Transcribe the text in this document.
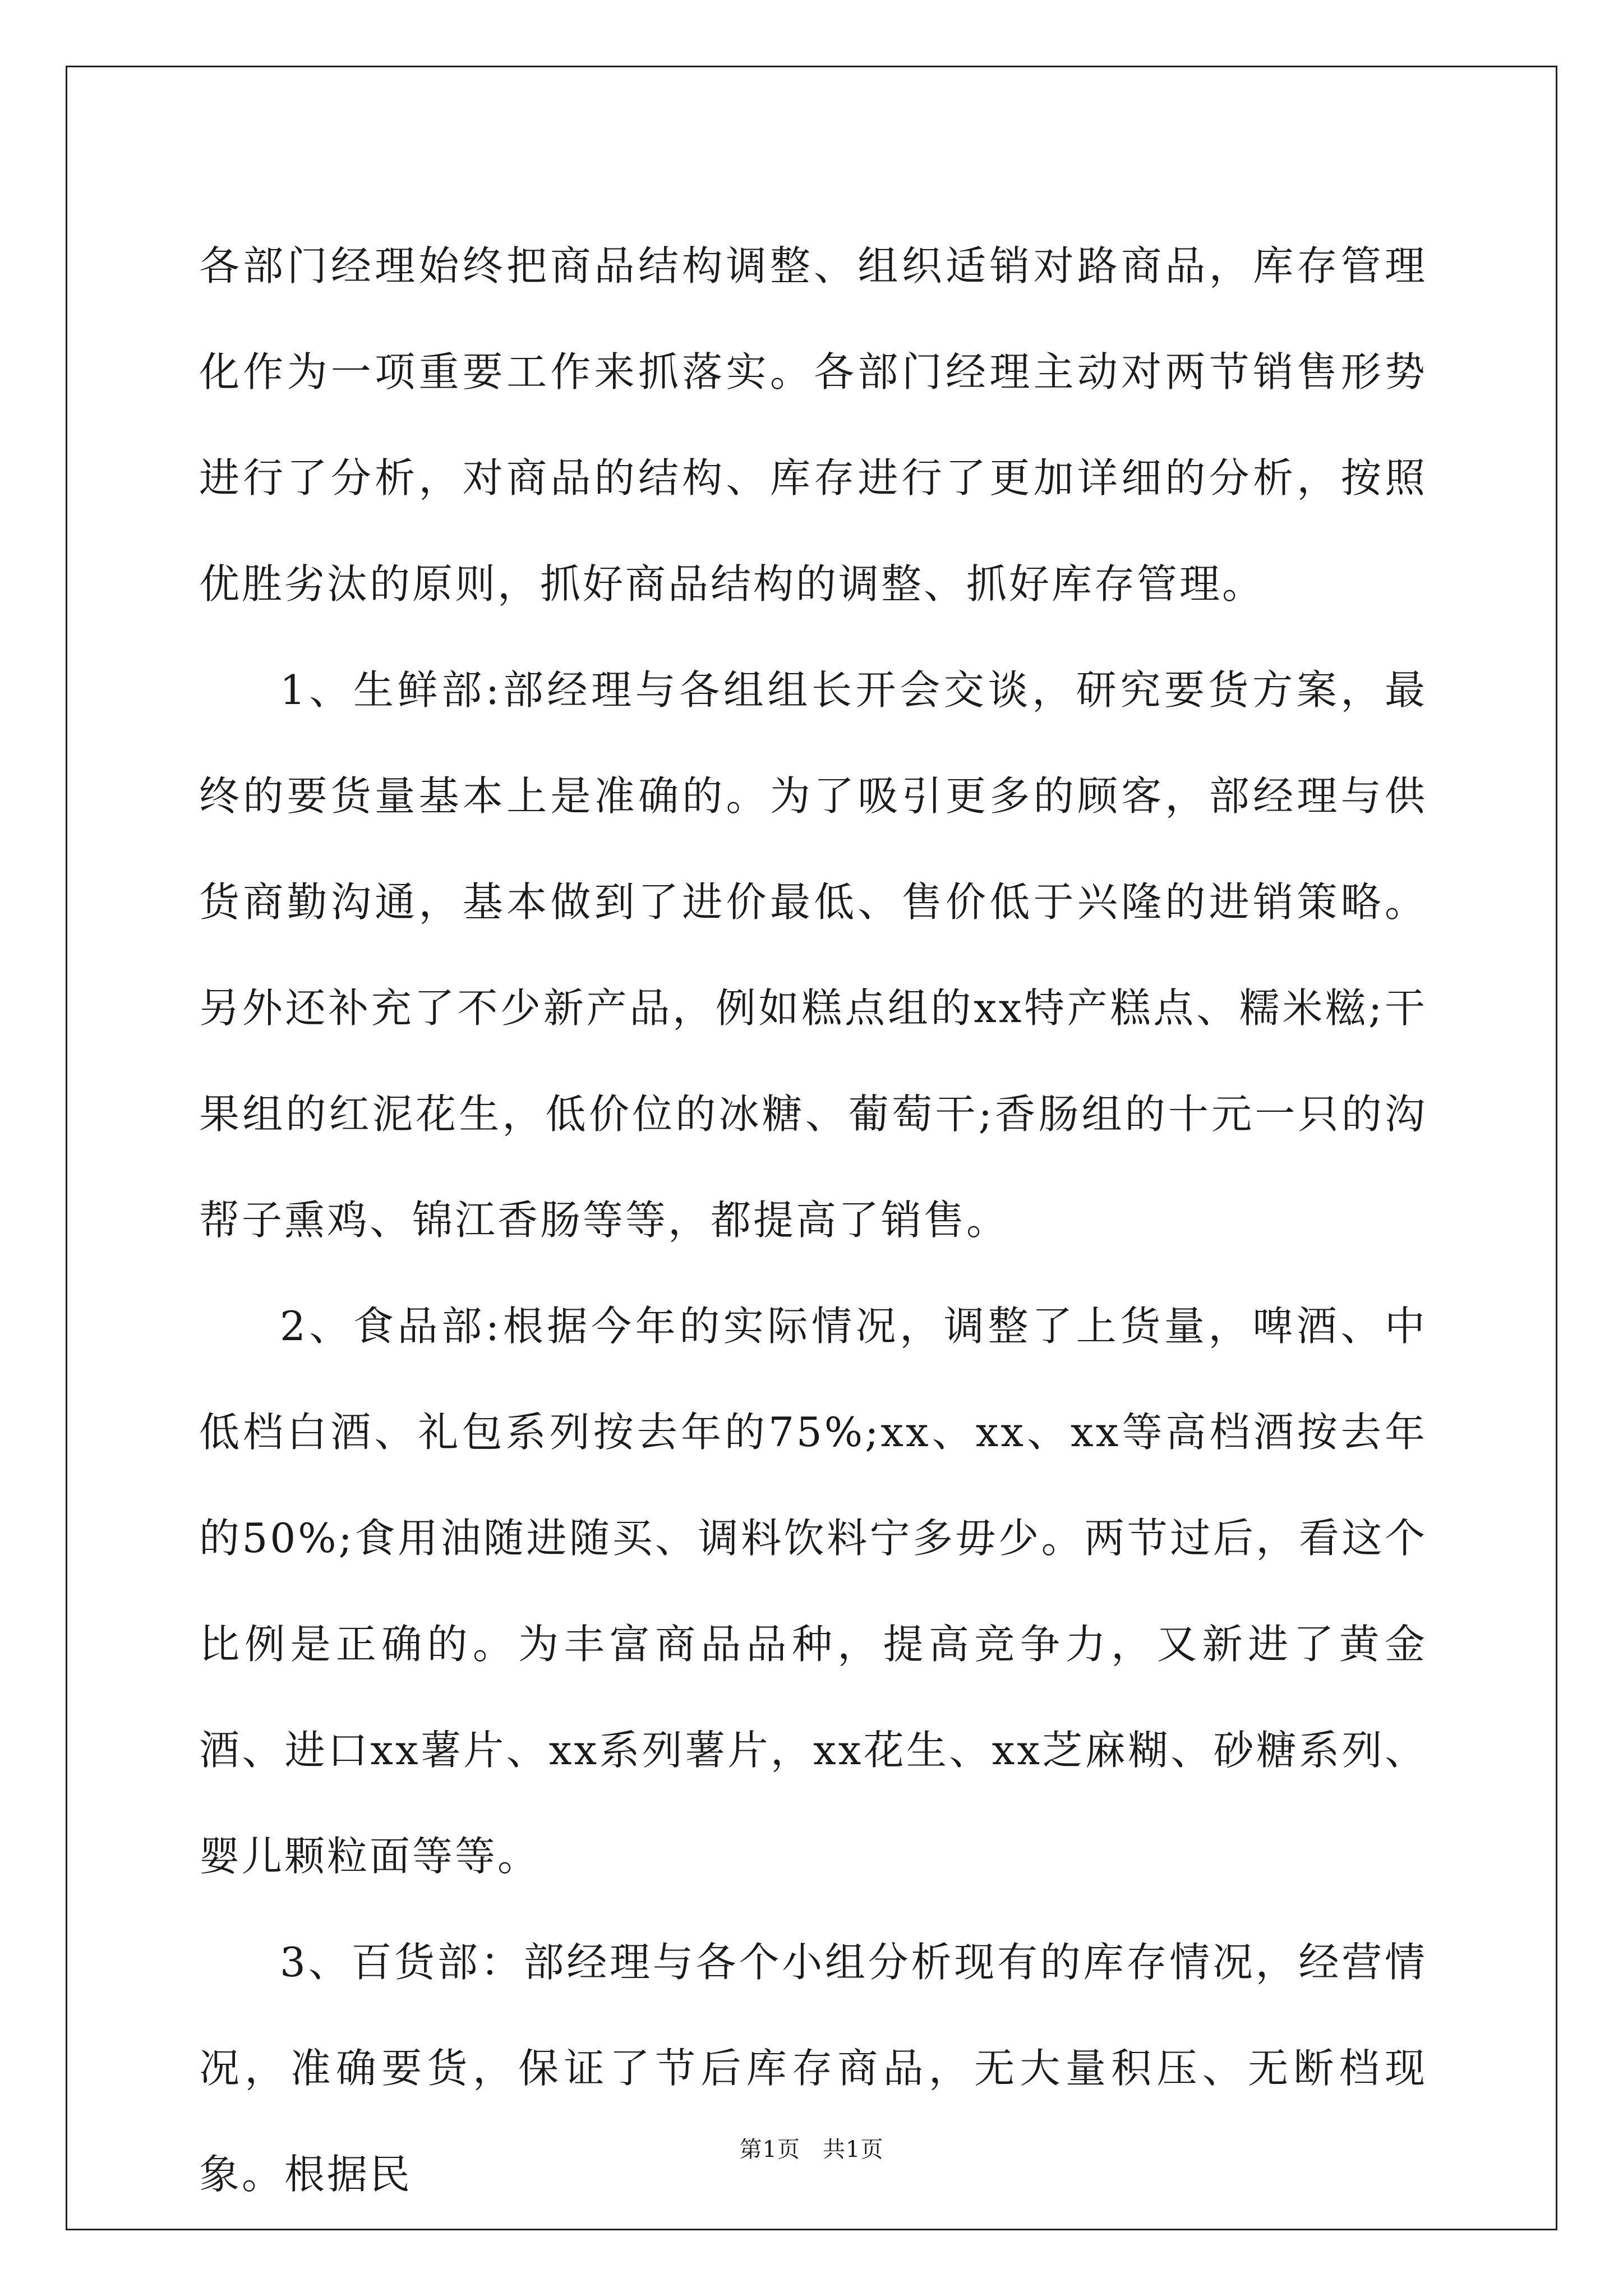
各部门经理始终把商品结构调整、组织适销对路商品，库存管理化作为一项重要工作来抓落实。各部门经理主动对两节销售形势进行了分析，对商品的结构、库存进行了更加详细的分析，按照优胜劣汰的原则，抓好商品结构的调整、抓好库存管理。

1、生鲜部:部经理与各组组长开会交谈，研究要货方案，最终的要货量基本上是准确的。为了吸引更多的顾客，部经理与供货商勤沟通，基本做到了进价最低、售价低于兴隆的进销策略。另外还补充了不少新产品，例如糕点组的xx特产糕点、糯米糍;干果组的红泥花生，低价位的冰糖、葡萄干;香肠组的十元一只的沟帮子熏鸡、锦江香肠等等，都提高了销售。

2、食品部:根据今年的实际情况，调整了上货量，啤酒、中低档白酒、礼包系列按去年的75%;xx、xx、xx等高档酒按去年的50%;食用油随进随买、调料饮料宁多毋少。两节过后，看这个比例是正确的。为丰富商品品种，提高竞争力，又新进了黄金酒、进口xx薯片、xx系列薯片，xx花生、xx芝麻糊、砂糖系列、婴儿颗粒面等等。

3、百货部：部经理与各个小组分析现有的库存情况，经营情况，准确要货，保证了节后库存商品，无大量积压、无断档现象。根据民

第1页 共1页
